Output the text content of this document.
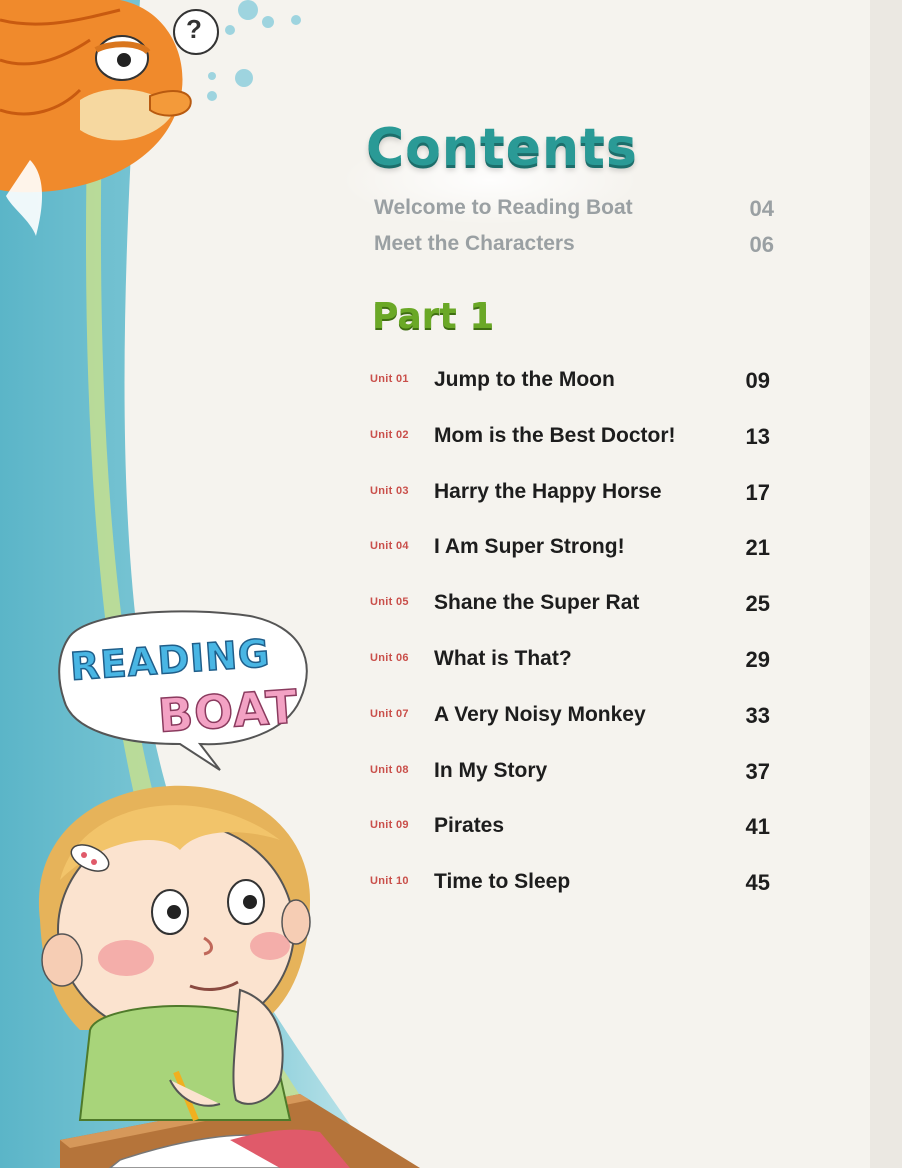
READING
BOAT
?
Contents
Welcome to Reading Boat	04
Meet the Characters	06
Part 1
Unit 01 Jump to the Moon	09
Unit 02 Mom is the Best Doctor!	13
Unit 03 Harry the Happy Horse	17
Unit 04 I Am Super Strong!	21
Unit 05 Shane the Super Rat	25
Unit 06 What is That?	29
Unit 07 A Very Noisy Monkey	33
Unit 08 In My Story	37
Unit 09 Pirates	41
Unit 10 Time to Sleep	45
